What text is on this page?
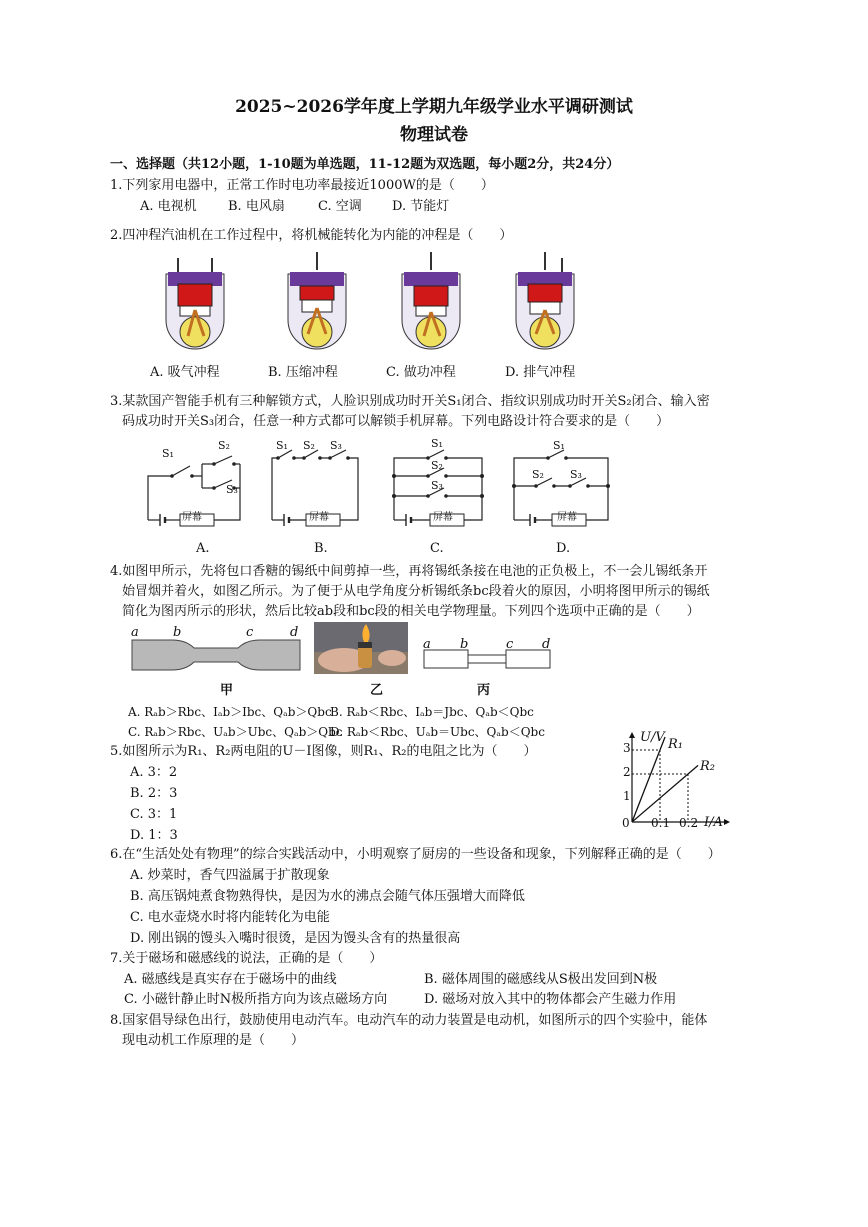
2025~2026学年度上学期九年级学业水平调研测试
物理试卷
一、选择题（共12小题，1-10题为单选题，11-12题为双选题，每小题2分，共24分）
1.下列家用电器中，正常工作时电功率最接近1000W的是（　　）
A. 电视机 B. 电风扇	C. 空调 D. 节能灯
2.四冲程汽油机在工作过程中，将机械能转化为内能的冲程是（　　）
A. 吸气冲程	B. 压缩冲程	C. 做功冲程	D. 排气冲程
3.某款国产智能手机有三种解锁方式，人脸识别成功时开关S₁闭合、指纹识别成功时开关S₂闭合、输入密
码成功时开关S₃闭合，任意一种方式都可以解锁手机屏幕。下列电路设计符合要求的是（　　）
S₁
S₂
S₃
屏幕
S₁ S₂ S₃
屏幕
S₁
S₂
S₃
屏幕
S₁
S₂ S₃
屏幕
A.	B.	C.	D.
4.如图甲所示，先将包口香糖的锡纸中间剪掉一些，再将锡纸条接在电池的正负极上，不一会儿锡纸条开
始冒烟并着火，如图乙所示。为了便于从电学角度分析锡纸条bc段着火的原因，小明将图甲所示的锡纸
简化为图丙所示的形状，然后比较ab段和bc段的相关电学物理量。下列四个选项中正确的是（　　）
a	b	c	d
a b	c d
甲	乙	丙
A. Rₐb＞Rbc、Iₐb＞Ibc、Qₐb＞Qbc
B. Rₐb＜Rbc、Iₐb＝Jbc、Qₐb＜Qbc
C. Rₐb＞Rbc、Uₐb＞Ubc、Qₐb＞Qbc
D. Rₐb＜Rbc、Uₐb＝Ubc、Qₐb＜Qbc
5.如图所示为R₁、R₂两电阻的U－I图像，则R₁、R₂的电阻之比为（　　）
A. 3：2
B. 2：3
C. 3：1
D. 1：3
U/V
I/A
0 0.1 0.2
1
2
3	R₁
R₂
6.在“生活处处有物理”的综合实践活动中，小明观察了厨房的一些设备和现象，下列解释正确的是（　　）
A. 炒菜时，香气四溢属于扩散现象
B. 高压锅炖煮食物熟得快，是因为水的沸点会随气体压强增大而降低
C. 电水壶烧水时将内能转化为电能
D. 刚出锅的馒头入嘴时很烫，是因为馒头含有的热量很高
7.关于磁场和磁感线的说法，正确的是（　　）
A. 磁感线是真实存在于磁场中的曲线	B. 磁体周围的磁感线从S极出发回到N极
C. 小磁针静止时N极所指方向为该点磁场方向	D. 磁场对放入其中的物体都会产生磁力作用
8.国家倡导绿色出行，鼓励使用电动汽车。电动汽车的动力装置是电动机，如图所示的四个实验中，能体
现电动机工作原理的是（　　）
